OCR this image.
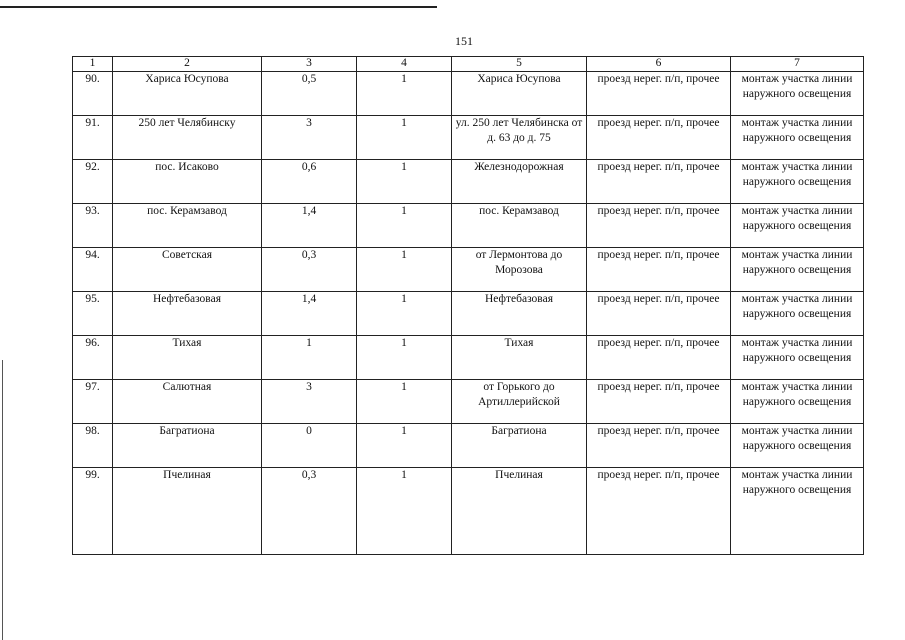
151
1	2	3	4	5	6	7
90.	Хариса Юсупова	0,5	1	Хариса Юсупова	проезд нерег. п/п, прочее	монтаж участка линии наружного освещения
91.	250 лет Челябинску	3	1	ул. 250 лет Челябинска от д. 63 до д. 75	проезд нерег. п/п, прочее	монтаж участка линии наружного освещения
92.	пос. Исаково	0,6	1	Железнодорожная	проезд нерег. п/п, прочее	монтаж участка линии наружного освещения
93.	пос. Керамзавод	1,4	1	пос. Керамзавод	проезд нерег. п/п, прочее	монтаж участка линии наружного освещения
94.	Советская	0,3	1	от Лермонтова до Морозова	проезд нерег. п/п, прочее	монтаж участка линии наружного освещения
95.	Нефтебазовая	1,4	1	Нефтебазовая	проезд нерег. п/п, прочее	монтаж участка линии наружного освещения
96.	Тихая	1	1	Тихая	проезд нерег. п/п, прочее	монтаж участка линии наружного освещения
97.	Салютная	3	1	от Горького до Артиллерийской	проезд нерег. п/п, прочее	монтаж участка линии наружного освещения
98.	Багратиона	0	1	Багратиона	проезд нерег. п/п, прочее	монтаж участка линии наружного освещения
99.	Пчелиная	0,3	1	Пчелиная	проезд нерег. п/п, прочее	монтаж участка линии наружного освещения
